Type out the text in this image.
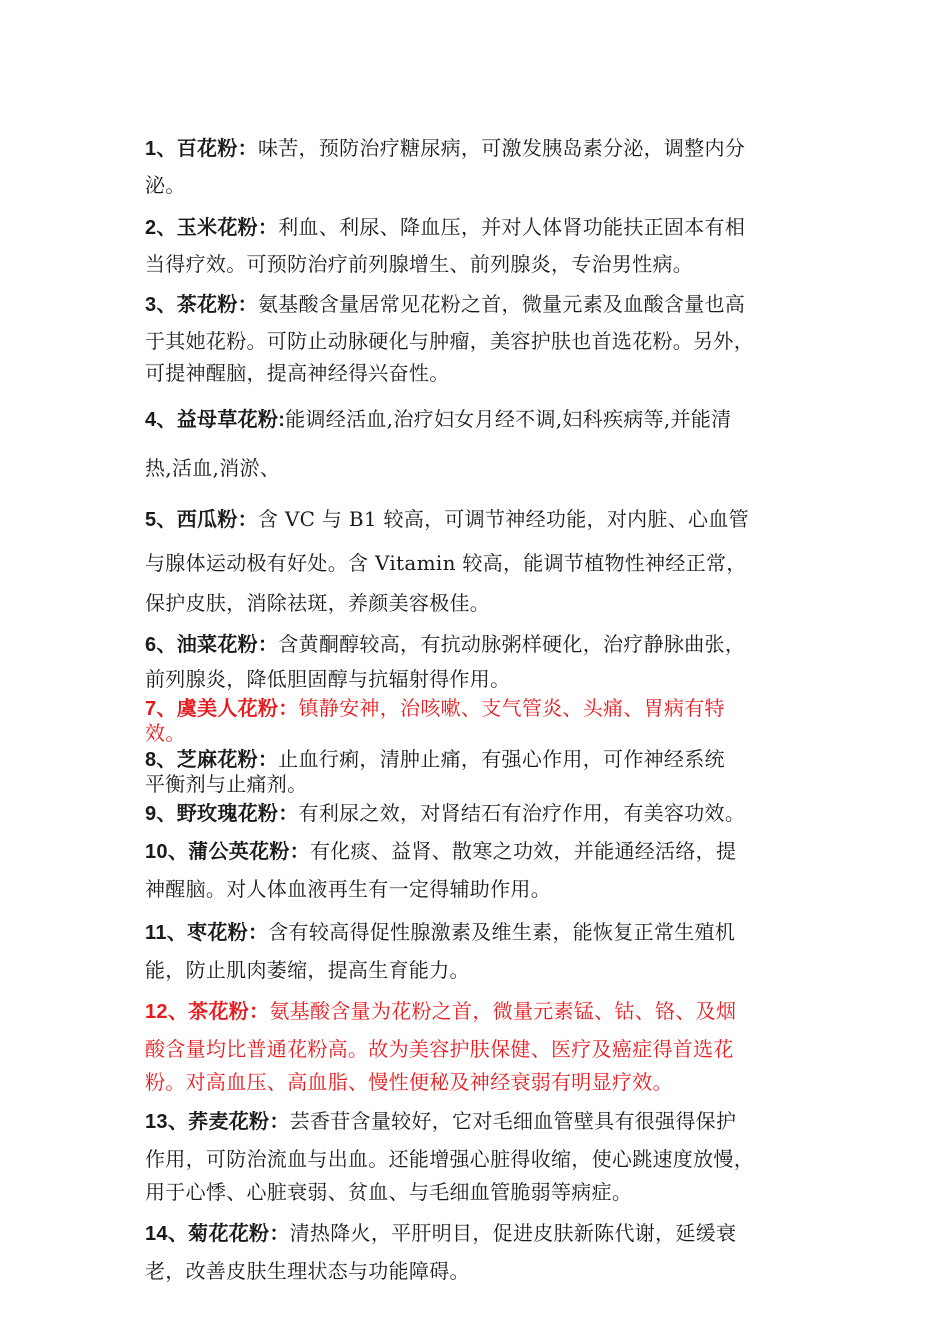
1、百花粉：味苦，预防治疗糖尿病，可激发胰岛素分泌，调整内分
泌。

2、玉米花粉：利血、利尿、降血压，并对人体肾功能扶正固本有相
当得疗效。可预防治疗前列腺增生、前列腺炎，专治男性病。

3、茶花粉：氨基酸含量居常见花粉之首，微量元素及血酸含量也高
于其她花粉。可防止动脉硬化与肿瘤，美容护肤也首选花粉。另外，
可提神醒脑，提高神经得兴奋性。

4、益母草花粉:能调经活血,治疗妇女月经不调,妇科疾病等,并能清
热,活血,消淤、

5、西瓜粉：含 VC 与 B1 较高，可调节神经功能，对内脏、心血管
与腺体运动极有好处。含 Vitamin 较高，能调节植物性神经正常，
保护皮肤，消除祛斑，养颜美容极佳。

6、油菜花粉：含黄酮醇较高，有抗动脉粥样硬化，治疗静脉曲张，
前列腺炎，降低胆固醇与抗辐射得作用。

7、虞美人花粉：镇静安神，治咳嗽、支气管炎、头痛、胃病有特
效。

8、芝麻花粉：止血行痢，清肿止痛，有强心作用，可作神经系统
平衡剂与止痛剂。

9、野玫瑰花粉：有利尿之效，对肾结石有治疗作用，有美容功效。

10、蒲公英花粉：有化痰、益肾、散寒之功效，并能通经活络，提
神醒脑。对人体血液再生有一定得辅助作用。

11、枣花粉：含有较高得促性腺激素及维生素，能恢复正常生殖机
能，防止肌肉萎缩，提高生育能力。

12、茶花粉：氨基酸含量为花粉之首，微量元素锰、钴、铬、及烟
酸含量均比普通花粉高。故为美容护肤保健、医疗及癌症得首选花
粉。对高血压、高血脂、慢性便秘及神经衰弱有明显疗效。

13、荞麦花粉：芸香苷含量较好，它对毛细血管壁具有很强得保护
作用，可防治流血与出血。还能增强心脏得收缩，使心跳速度放慢，
用于心悸、心脏衰弱、贫血、与毛细血管脆弱等病症。

14、菊花花粉：清热降火，平肝明目，促进皮肤新陈代谢，延缓衰
老，改善皮肤生理状态与功能障碍。
